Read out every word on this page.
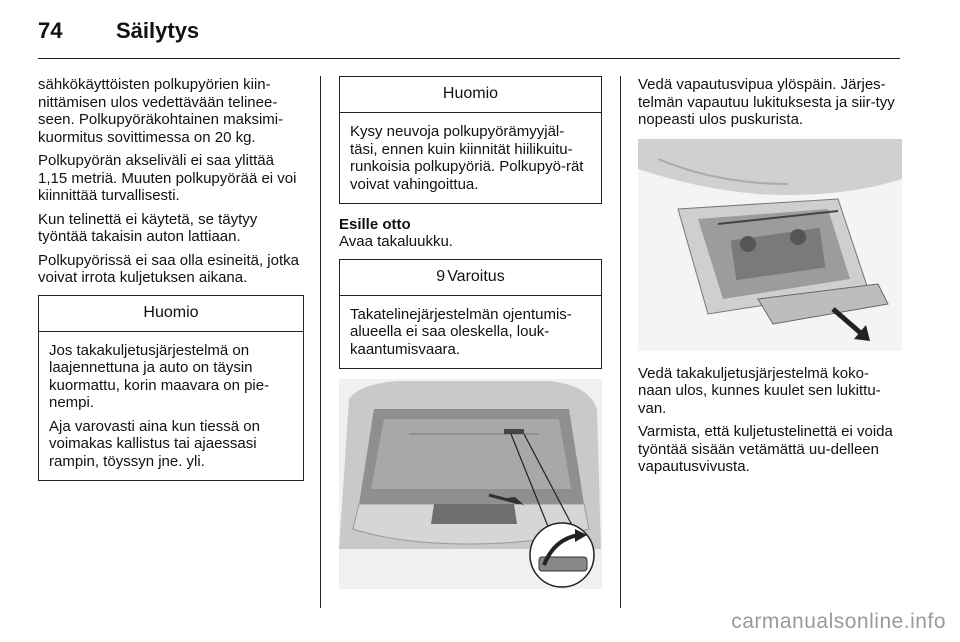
74	Säilytys

sähkökäyttöisten polkupyörien kiin-nittämisen ulos vedettävään telinee-seen. Polkupyöräkohtainen maksimi-kuormitus sovittimessa on 20 kg.

Polkupyörän akseliväli ei saa ylittää 1,15 metriä. Muuten polkupyörää ei voi kiinnittää turvallisesti.

Kun telinettä ei käytetä, se täytyy työntää takaisin auton lattiaan.

Polkupyörissä ei saa olla esineitä, jotka voivat irrota kuljetuksen aikana.

Huomio

Jos takakuljetusjärjestelmä on laajennettuna ja auto on täysin kuormattu, korin maavara on pie-nempi.

Aja varovasti aina kun tiessä on voimakas kallistus tai ajaessasi rampin, töyssyn jne. yli.

Huomio

Kysy neuvoja polkupyörämyyjäl-täsi, ennen kuin kiinnität hiilikuitu-runkoisia polkupyöriä. Polkupyö-rät voivat vahingoittua.

Esille otto

Avaa takaluukku.

9 Varoitus

Takatelinejärjestelmän ojentumis-alueella ei saa oleskella, louk-kaantumisvaara.

Vedä vapautusvipua ylöspäin. Järjes-telmän vapautuu lukituksesta ja siir-tyy nopeasti ulos puskurista.

Vedä takakuljetusjärjestelmä koko-naan ulos, kunnes kuulet sen lukittu-van.

Varmista, että kuljetustelinettä ei voida työntää sisään vetämättä uu-delleen vapautusvivusta.

carmanualsonline.info
